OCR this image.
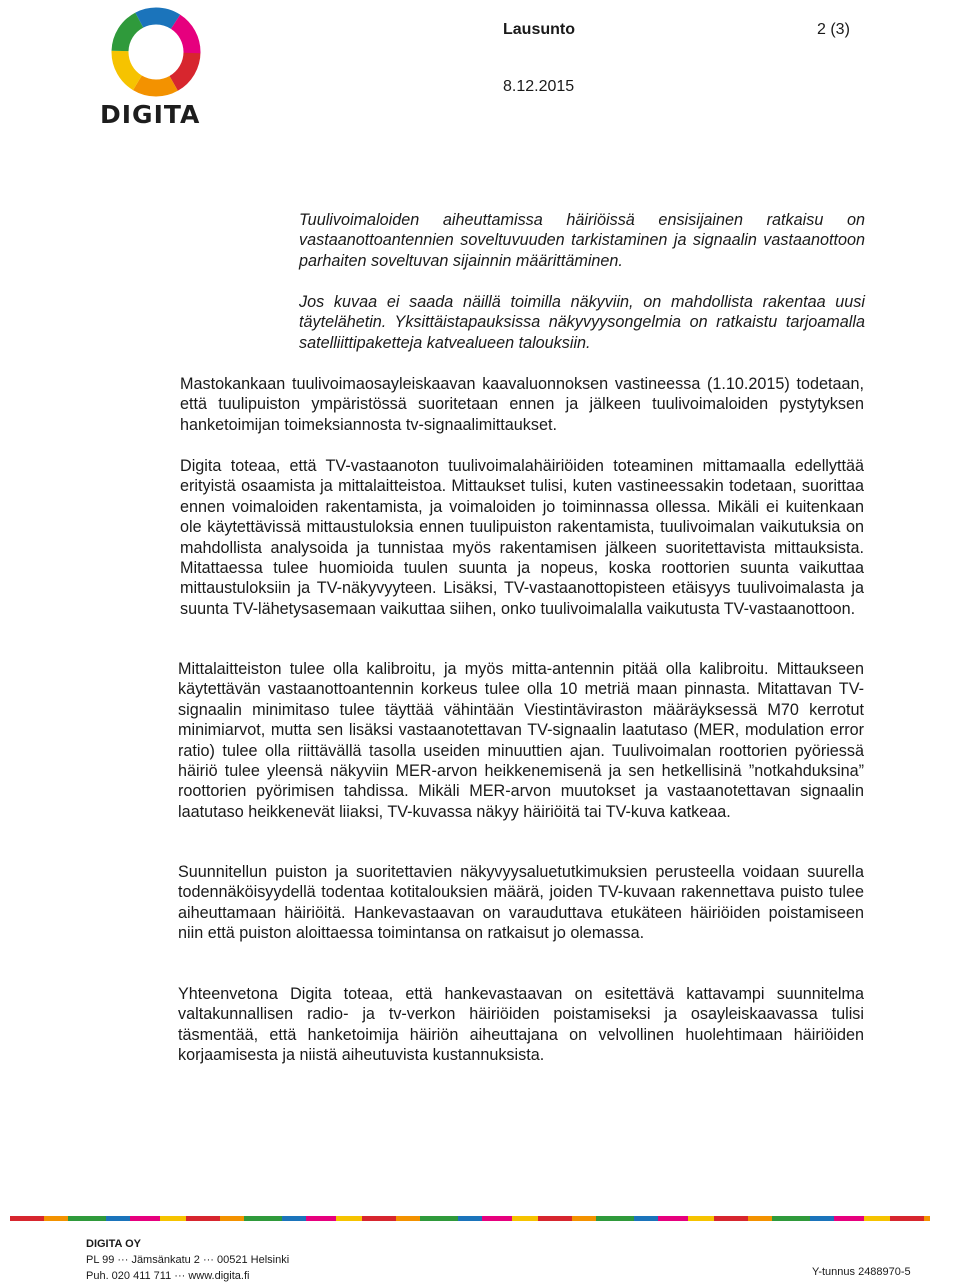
DIGITA
Lausunto	2 (3)
8.12.2015

Tuulivoimaloiden aiheuttamissa häiriöissä ensisijainen ratkaisu on vastaanottoantennien soveltuvuuden tarkistaminen ja signaalin vastaanottoon parhaiten soveltuvan sijainnin määrittäminen.

Jos kuvaa ei saada näillä toimilla näkyviin, on mahdollista rakentaa uusi täytelähetin. Yksittäistapauksissa näkyvyysongelmia on ratkaistu tarjoamalla satelliittipaketteja katvealueen talouksiin.

Mastokankaan tuulivoimaosayleiskaavan kaavaluonnoksen vastineessa (1.10.2015) todetaan, että tuulipuiston ympäristössä suoritetaan ennen ja jälkeen tuulivoimaloiden pystytyksen hanketoimijan toimeksiannosta tv-signaalimittaukset.

Digita toteaa, että TV-vastaanoton tuulivoimalahäiriöiden toteaminen mittamaalla edellyttää erityistä osaamista ja mittalaitteistoa. Mittaukset tulisi, kuten vastineessakin todetaan, suorittaa ennen voimaloiden rakentamista, ja voimaloiden jo toiminnassa ollessa. Mikäli ei kuitenkaan ole käytettävissä mittaustuloksia ennen tuulipuiston rakentamista, tuulivoimalan vaikutuksia on mahdollista analysoida ja tunnistaa myös rakentamisen jälkeen suoritettavista mittauksista. Mitattaessa tulee huomioida tuulen suunta ja nopeus, koska roottorien suunta vaikuttaa mittaustuloksiin ja TV-näkyvyyteen. Lisäksi, TV-vastaanottopisteen etäisyys tuulivoimalasta ja suunta TV-lähetysasemaan vaikuttaa siihen, onko tuulivoimalalla vaikutusta TV-vastaanottoon.

Mittalaitteiston tulee olla kalibroitu, ja myös mitta-antennin pitää olla kalibroitu. Mittaukseen käytettävän vastaanottoantennin korkeus tulee olla 10 metriä maan pinnasta. Mitattavan TV- signaalin minimitaso tulee täyttää vähintään Viestintäviraston määräyksessä M70 kerrotut minimiarvot, mutta sen lisäksi vastaanotettavan TV-signaalin laatutaso (MER, modulation error ratio) tulee olla riittävällä tasolla useiden minuuttien ajan. Tuulivoimalan roottorien pyöriessä häiriö tulee yleensä näkyviin MER-arvon heikkenemisenä ja sen hetkellisinä ”notkahduksina” roottorien pyörimisen tahdissa. Mikäli MER-arvon muutokset ja vastaanotettavan signaalin laatutaso heikkenevät liiaksi, TV-kuvassa näkyy häiriöitä tai TV-kuva katkeaa.

Suunnitellun puiston ja suoritettavien näkyvyysaluetutkimuksien perusteella voidaan suurella todennäköisyydellä todentaa kotitalouksien määrä, joiden TV-kuvaan rakennettava puisto tulee aiheuttamaan häiriöitä. Hankevastaavan on varauduttava etukäteen häiriöiden poistamiseen niin että puiston aloittaessa toimintansa on ratkaisut jo olemassa.

Yhteenvetona Digita toteaa, että hankevastaavan on esitettävä kattavampi suunnitelma valtakunnallisen radio- ja tv-verkon häiriöiden poistamiseksi ja osayleiskaavassa tulisi täsmentää, että hanketoimija häiriön aiheuttajana on velvollinen huolehtimaan häiriöiden korjaamisesta ja niistä aiheutuvista kustannuksista.

DIGITA OY
PL 99 ··· Jämsänkatu 2 ··· 00521 Helsinki
Puh. 020 411 711 ··· www.digita.fi	Y-tunnus 2488970-5
